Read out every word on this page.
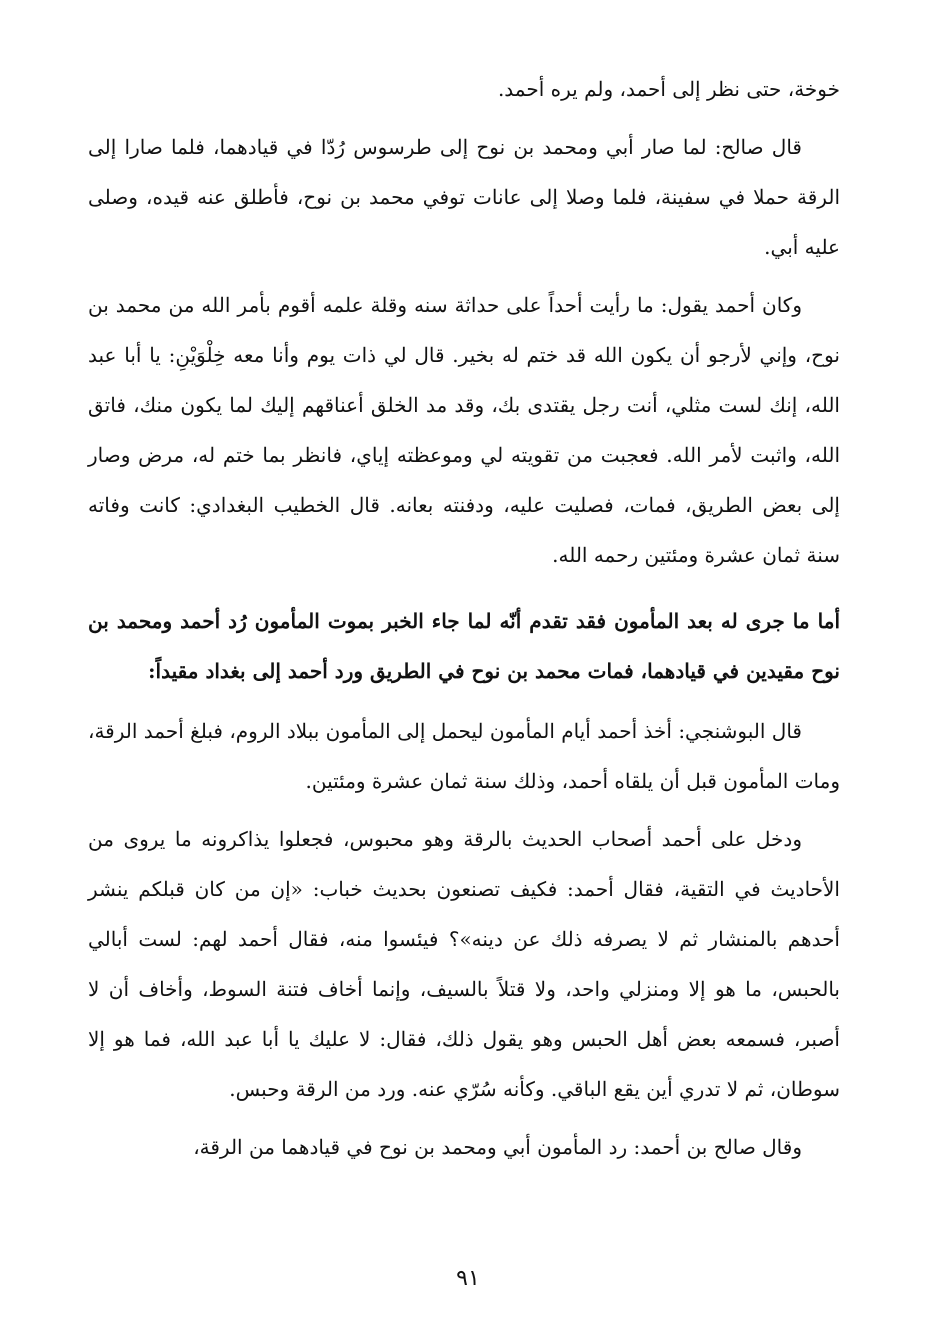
خوخة، حتى نظر إلى أحمد، ولم يره أحمد.

قال صالح: لما صار أبي ومحمد بن نوح إلى طرسوس رُدّا في قيادهما، فلما صارا إلى الرقة حملا في سفينة، فلما وصلا إلى عانات توفي محمد بن نوح، فأطلق عنه قيده، وصلى عليه أبي.

وكان أحمد يقول: ما رأيت أحداً على حداثة سنه وقلة علمه أقوم بأمر الله من محمد بن نوح، وإني لأرجو أن يكون الله قد ختم له بخير. قال لي ذات يوم وأنا معه خِلْوَيْنِ: يا أبا عبد الله، إنك لست مثلي، أنت رجل يقتدى بك، وقد مد الخلق أعناقهم إليك لما يكون منك، فاتق الله، واثبت لأمر الله. فعجبت من تقويته لي وموعظته إياي، فانظر بما ختم له، مرض وصار إلى بعض الطريق، فمات، فصليت عليه، ودفنته بعانه. قال الخطيب البغدادي: كانت وفاته سنة ثمان عشرة ومئتين رحمه الله.

أما ما جرى له بعد المأمون فقد تقدم أنّه لما جاء الخبر بموت المأمون رُد أحمد ومحمد بن نوح مقيدين في قيادهما، فمات محمد بن نوح في الطريق ورد أحمد إلى بغداد مقيداً:

قال البوشنجي: أخذ أحمد أيام المأمون ليحمل إلى المأمون ببلاد الروم، فبلغ أحمد الرقة، ومات المأمون قبل أن يلقاه أحمد، وذلك سنة ثمان عشرة ومئتين.

ودخل على أحمد أصحاب الحديث بالرقة وهو محبوس، فجعلوا يذاكرونه ما يروى من الأحاديث في التقية، فقال أحمد: فكيف تصنعون بحديث خباب: «إن من كان قبلكم ينشر أحدهم بالمنشار ثم لا يصرفه ذلك عن دينه»؟ فيئسوا منه، فقال أحمد لهم: لست أبالي بالحبس، ما هو إلا ومنزلي واحد، ولا قتلاً بالسيف، وإنما أخاف فتنة السوط، وأخاف أن لا أصبر، فسمعه بعض أهل الحبس وهو يقول ذلك، فقال: لا عليك يا أبا عبد الله، فما هو إلا سوطان، ثم لا تدري أين يقع الباقي. وكأنه سُرّي عنه. ورد من الرقة وحبس.

وقال صالح بن أحمد: رد المأمون أبي ومحمد بن نوح في قيادهما من الرقة،

٩١
